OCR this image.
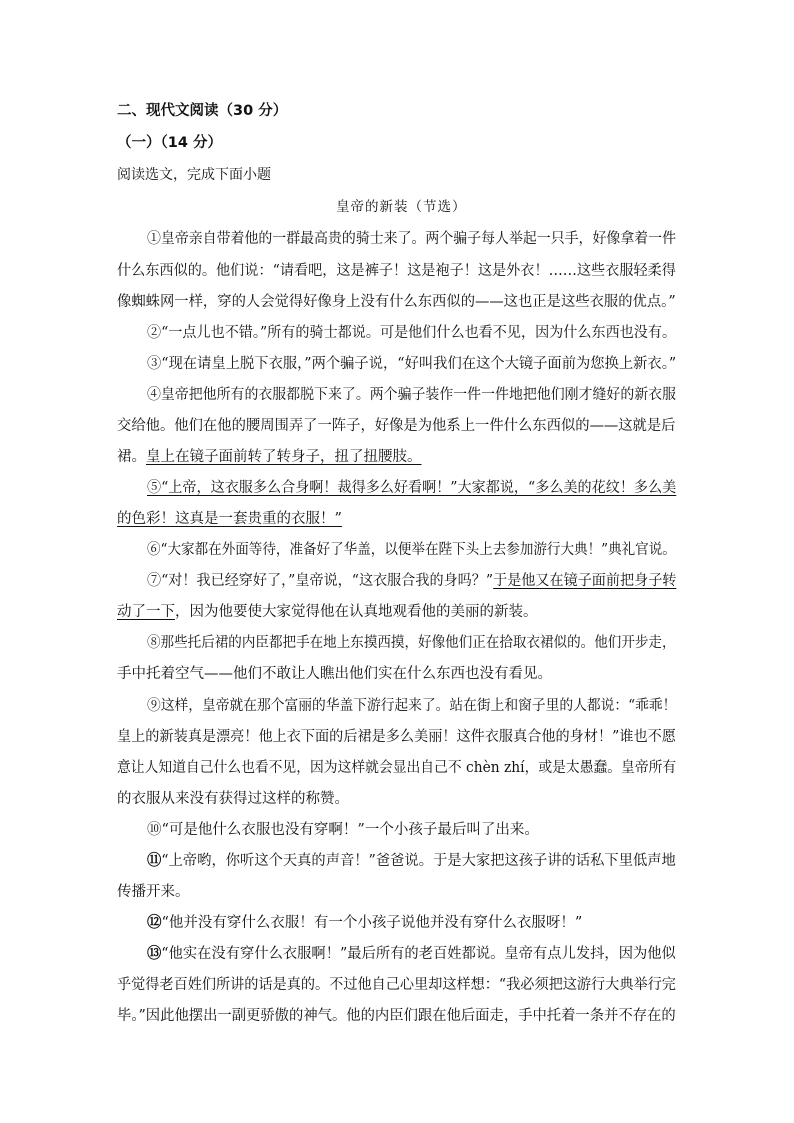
二、现代文阅读（30 分）
（一）（14 分）
阅读选文，完成下面小题
皇帝的新装（节选）
①皇帝亲自带着他的一群最高贵的骑士来了。两个骗子每人举起一只手，好像拿着一件
什么东西似的。他们说：“请看吧，这是裤子！这是袍子！这是外衣！……这些衣服轻柔得
像蜘蛛网一样，穿的人会觉得好像身上没有什么东西似的——这也正是这些衣服的优点。”
②“一点儿也不错。”所有的骑士都说。可是他们什么也看不见，因为什么东西也没有。
③“现在请皇上脱下衣服，”两个骗子说，“好叫我们在这个大镜子面前为您换上新衣。”
④皇帝把他所有的衣服都脱下来了。两个骗子装作一件一件地把他们刚才缝好的新衣服
交给他。他们在他的腰周围弄了一阵子，好像是为他系上一件什么东西似的——这就是后
裙。皇上在镜子面前转了转身子，扭了扭腰肢。
⑤“上帝，这衣服多么合身啊！裁得多么好看啊！”大家都说，“多么美的花纹！多么美
的色彩！这真是一套贵重的衣服！”
⑥“大家都在外面等待，准备好了华盖，以便举在陛下头上去参加游行大典！”典礼官说。
⑦“对！我已经穿好了，”皇帝说，“这衣服合我的身吗？”于是他又在镜子面前把身子转
动了一下，因为他要使大家觉得他在认真地观看他的美丽的新装。
⑧那些托后裙的内臣都把手在地上东摸西摸，好像他们正在拾取衣裙似的。他们开步走，
手中托着空气——他们不敢让人瞧出他们实在什么东西也没有看见。
⑨这样，皇帝就在那个富丽的华盖下游行起来了。站在街上和窗子里的人都说：“乖乖！
皇上的新装真是漂亮！他上衣下面的后裙是多么美丽！这件衣服真合他的身材！”谁也不愿
意让人知道自己什么也看不见，因为这样就会显出自己不 chèn zhí，或是太愚蠢。皇帝所有
的衣服从来没有获得过这样的称赞。
⑩“可是他什么衣服也没有穿啊！”一个小孩子最后叫了出来。
⑪“上帝哟，你听这个天真的声音！”爸爸说。于是大家把这孩子讲的话私下里低声地
传播开来。
⑫“他并没有穿什么衣服！有一个小孩子说他并没有穿什么衣服呀！”
⑬“他实在没有穿什么衣服啊！”最后所有的老百姓都说。皇帝有点儿发抖，因为他似
乎觉得老百姓们所讲的话是真的。不过他自己心里却这样想：“我必须把这游行大典举行完
毕。”因此他摆出一副更骄傲的神气。他的内臣们跟在他后面走，手中托着一条并不存在的
